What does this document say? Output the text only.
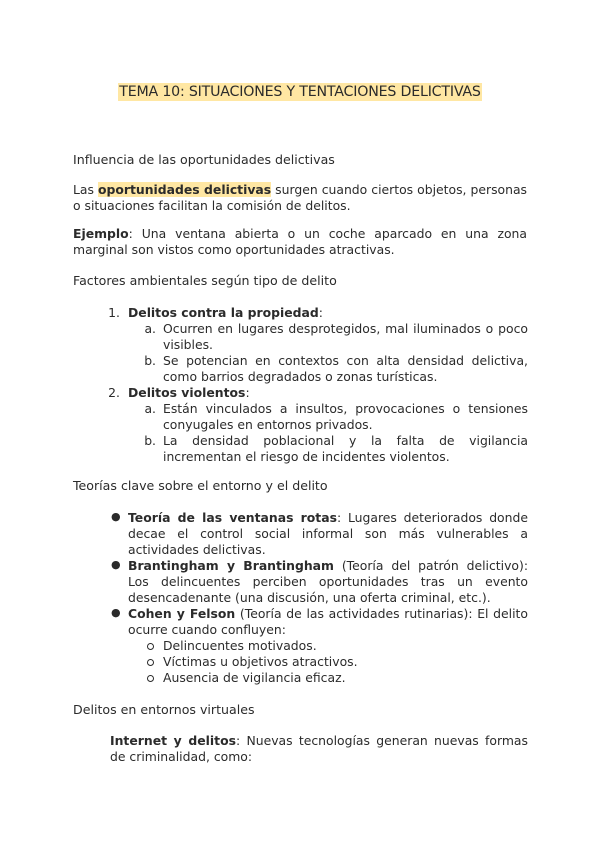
TEMA 10: SITUACIONES Y TENTACIONES DELICTIVAS
Influencia de las oportunidades delictivas
Las oportunidades delictivas surgen cuando ciertos objetos, personas o situaciones facilitan la comisión de delitos.
Ejemplo: Una ventana abierta o un coche aparcado en una zona marginal son vistos como oportunidades atractivas.
Factores ambientales según tipo de delito
1. Delitos contra la propiedad:
a. Ocurren en lugares desprotegidos, mal iluminados o poco visibles.
b. Se potencian en contextos con alta densidad delictiva, como barrios degradados o zonas turísticas.
2. Delitos violentos:
a. Están vinculados a insultos, provocaciones o tensiones conyugales en entornos privados.
b. La densidad poblacional y la falta de vigilancia incrementan el riesgo de incidentes violentos.
Teorías clave sobre el entorno y el delito
● Teoría de las ventanas rotas: Lugares deteriorados donde decae el control social informal son más vulnerables a actividades delictivas.
● Brantingham y Brantingham (Teoría del patrón delictivo): Los delincuentes perciben oportunidades tras un evento desencadenante (una discusión, una oferta criminal, etc.).
● Cohen y Felson (Teoría de las actividades rutinarias): El delito ocurre cuando confluyen:
Delincuentes motivados.
Víctimas u objetivos atractivos.
Ausencia de vigilancia eficaz.
Delitos en entornos virtuales
Internet y delitos: Nuevas tecnologías generan nuevas formas de criminalidad, como:
